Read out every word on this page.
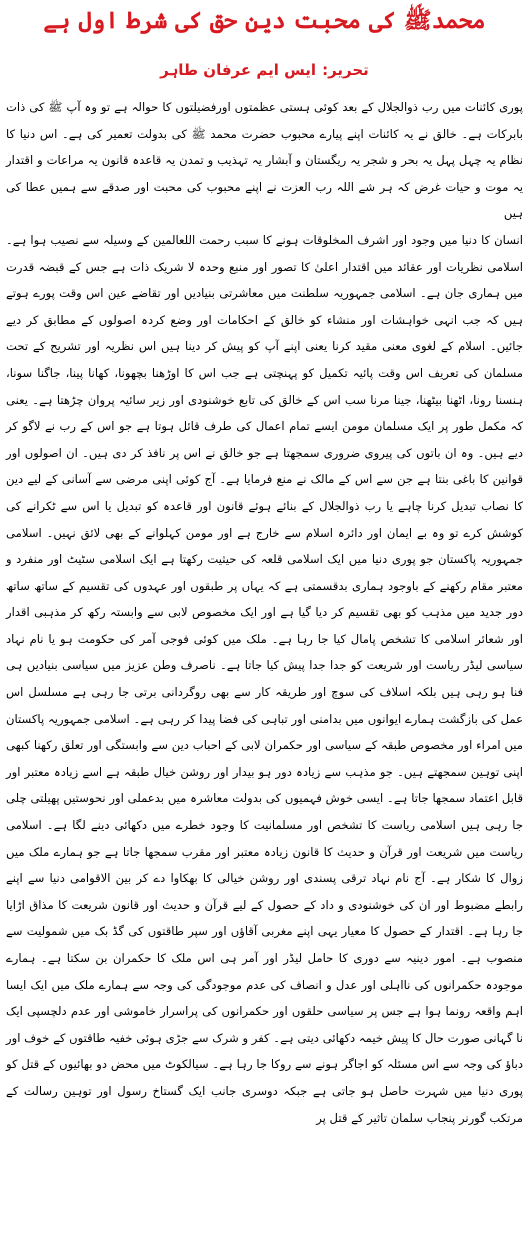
محمدﷺ کی محبت دین حق کی شرط اول ہے
تحریر:ایس ایم عرفان طاہر

پوری کائنات میں رب ذوالجلال کے بعد کوئی ہستی عظمتوں اورفضیلتوں کا حوالہ ہے تو وہ آپ ﷺ کی ذات بابرکات ہے۔ خالق نے یہ کائنات اپنے پیارے محبوب حضرت محمد ﷺ کی بدولت تعمیر کی ہے۔ اس دنیا کا نظام یہ چہل پہل یہ بحر و شجر یہ ریگستان و آبشار یہ تہذیب و تمدن یہ قاعدہ قانون یہ مراعات و اقتدار یہ موت و حیات غرض کہ ہر شے اللہ رب العزت نے اپنے محبوب کی محبت اور صدقے سے ہمیں عطا کی ہیں

انسان کا دنیا میں وجود اور اشرف المخلوقات ہونے کا سبب رحمت اللعالمین کے وسیلہ سے نصیب ہوا ہے۔ اسلامی نظریات اور عقائد میں اقتدار اعلیٰ کا تصور اور منبع وحدہ لا شریک ذات ہے جس کے قبضہ قدرت میں ہماری جان ہے۔ اسلامی جمہوریہ سلطنت میں معاشرتی بنیادیں اور تقاضے عین اس وقت پورے ہوتے ہیں کہ جب انہی خواہشات اور منشاء کو خالق کے احکامات اور وضع کردہ اصولوں کے مطابق کر دیے جائیں۔ اسلام کے لغوی معنی مقید کرنا یعنی اپنے آپ کو پیش کر دینا ہیں اس نظریہ اور تشریح کے تحت مسلمان کی تعریف اس وقت پائیہ تکمیل کو پہنچتی ہے جب اس کا اوڑھنا بچھونا، کھانا پینا، جاگنا سونا، ہنسنا رونا، اٹھنا بیٹھنا، جینا مرنا سب اس کے خالق کی تابع خوشنودی اور زیر سائیہ پروان چڑھتا ہے۔ یعنی کہ مکمل طور پر ایک مسلمان مومن ایسے تمام اعمال کی طرف قائل ہوتا ہے جو اس کے رب نے لاگو کر دیے ہیں۔ وہ ان باتوں کی پیروی ضروری سمجھتا ہے جو خالق نے اس پر نافذ کر دی ہیں۔ ان اصولوں اور قوانین کا باغی بنتا ہے جن سے اس کے مالک نے منع فرمایا ہے۔ آج کوئی اپنی مرضی سے آسانی کے لیے دین کا نصاب تبدیل کرنا چاہے یا رب ذوالجلال کے بنائے ہوئے قانون اور قاعدہ کو تبدیل یا اس سے ٹکرانے کی کوشش کرے تو وہ بے ایمان اور دائرہ اسلام سے خارج ہے اور مومن کہلوانے کے بھی لائق نہیں۔ اسلامی جمہوریہ پاکستان جو پوری دنیا میں ایک اسلامی قلعہ کی حیثیت رکھتا ہے ایک اسلامی سٹیٹ اور منفرد و معتبر مقام رکھنے کے باوجود ہماری بدقسمتی ہے کہ یہاں پر طبقوں اور عہدوں کی تقسیم کے ساتھ ساتھ دور جدید میں مذہب کو بھی تقسیم کر دیا گیا ہے اور ایک مخصوص لابی سے وابستہ رکھ کر مذہبی اقدار اور شعائر اسلامی کا تشخص پامال کیا جا رہا ہے۔ ملک میں کوئی فوجی آمر کی حکومت ہو یا نام نہاد سیاسی لیڈر ریاست اور شریعت کو جدا جدا پیش کیا جاتا ہے۔ ناصرف وطن عزیز میں سیاسی بنیادیں ہی فنا ہو رہی ہیں بلکہ اسلاف کی سوچ اور طریقہ کار سے بھی روگردانی برتی جا رہی ہے مسلسل اس عمل کی بازگشت ہمارے ایوانوں میں بدامنی اور تباہی کی فضا پیدا کر رہی ہے۔ اسلامی جمہوریہ پاکستان میں امراء اور مخصوص طبقہ کے سیاسی اور حکمران لابی کے احباب دین سے وابستگی اور تعلق رکھنا کبھی اپنی توہین سمجھتے ہیں۔ جو مذہب سے زیادہ دور ہو بیدار اور روشن خیال طبقہ ہے اسے زیادہ معتبر اور قابل اعتماد سمجھا جاتا ہے۔ ایسی خوش فہمیوں کی بدولت معاشرہ میں بدعملی اور نحوستیں پھیلتی چلی جا رہی ہیں اسلامی ریاست کا تشخص اور مسلمانیت کا وجود خطرے میں دکھائی دینے لگا ہے۔ اسلامی ریاست میں شریعت اور قرآن و حدیث کا قانون زیادہ معتبر اور مقرب سمجھا جاتا ہے جو ہمارے ملک میں زوال کا شکار ہے۔ آج نام نہاد ترقی پسندی اور روشن خیالی کا بھکاوا دے کر بین الاقوامی دنیا سے اپنے رابطے مضبوط اور ان کی خوشنودی و داد کے حصول کے لیے قرآن و حدیث اور قانون شریعت کا مذاق اڑایا جا رہا ہے۔ اقتدار کے حصول کا معیار یہی اپنے مغربی آقاؤں اور سپر طاقتوں کی گڈ بک میں شمولیت سے منصوب ہے۔ امور دینیہ سے دوری کا حامل لیڈر اور آمر ہی اس ملک کا حکمران بن سکتا ہے۔ ہمارے موجودہ حکمرانوں کی نااہلی اور عدل و انصاف کی عدم موجودگی کی وجہ سے ہمارے ملک میں ایک ایسا اہم واقعہ رونما ہوا ہے جس پر سیاسی حلقوں اور حکمرانوں کی پراسرار خاموشی اور عدم دلچسپی ایک نا گہانی صورت حال کا پیش خیمہ دکھائی دیتی ہے۔ کفر و شرک سے جڑی ہوئی خفیہ طاقتوں کے خوف اور دباؤ کی وجہ سے اس مسئلہ کو اجاگر ہونے سے روکا جا رہا ہے۔ سیالکوٹ میں محض دو بھائیوں کے قتل کو پوری دنیا میں شہرت حاصل ہو جاتی ہے جبکہ دوسری جانب ایک گستاخ رسول اور توہین رسالت کے مرتکب گورنر پنجاب سلمان تاثیر کے قتل پر
